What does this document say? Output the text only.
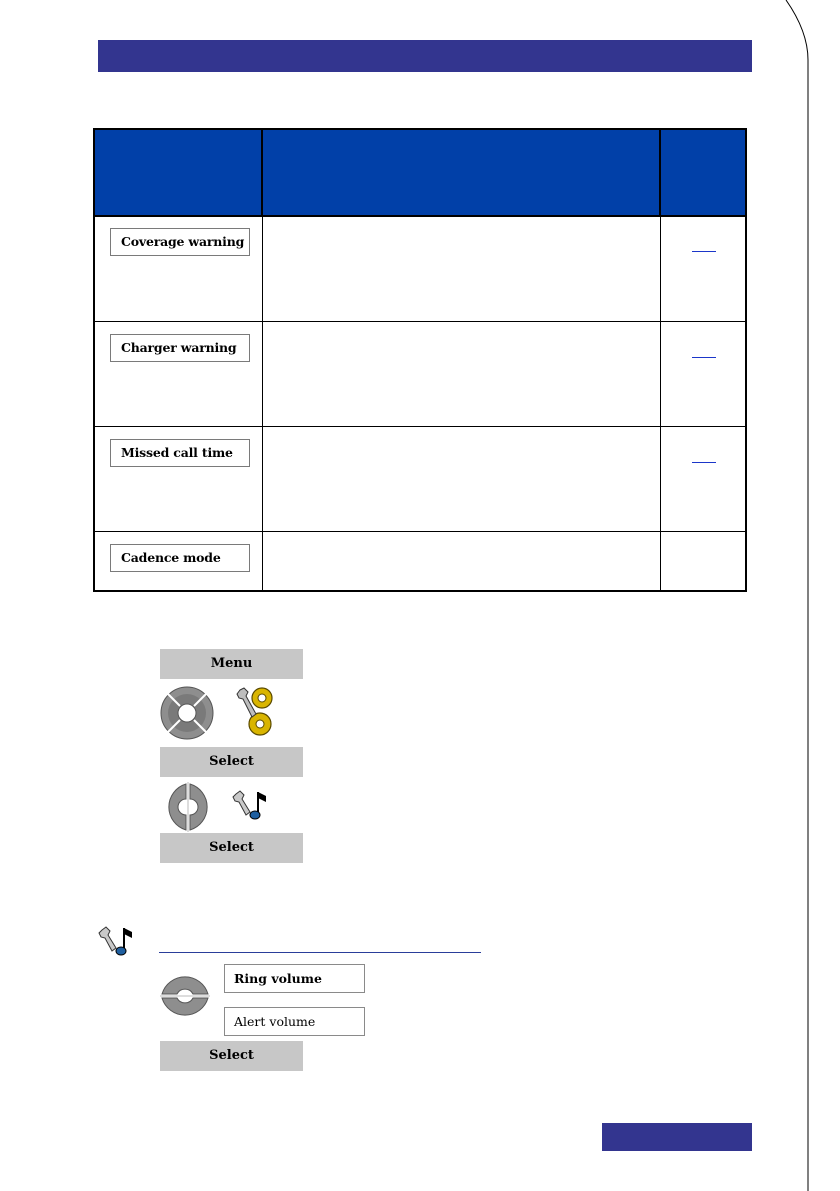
Coverage warning
Charger warning
Missed call time
Cadence mode
Menu
Select
Select
Ring volume
Alert volume
Select
